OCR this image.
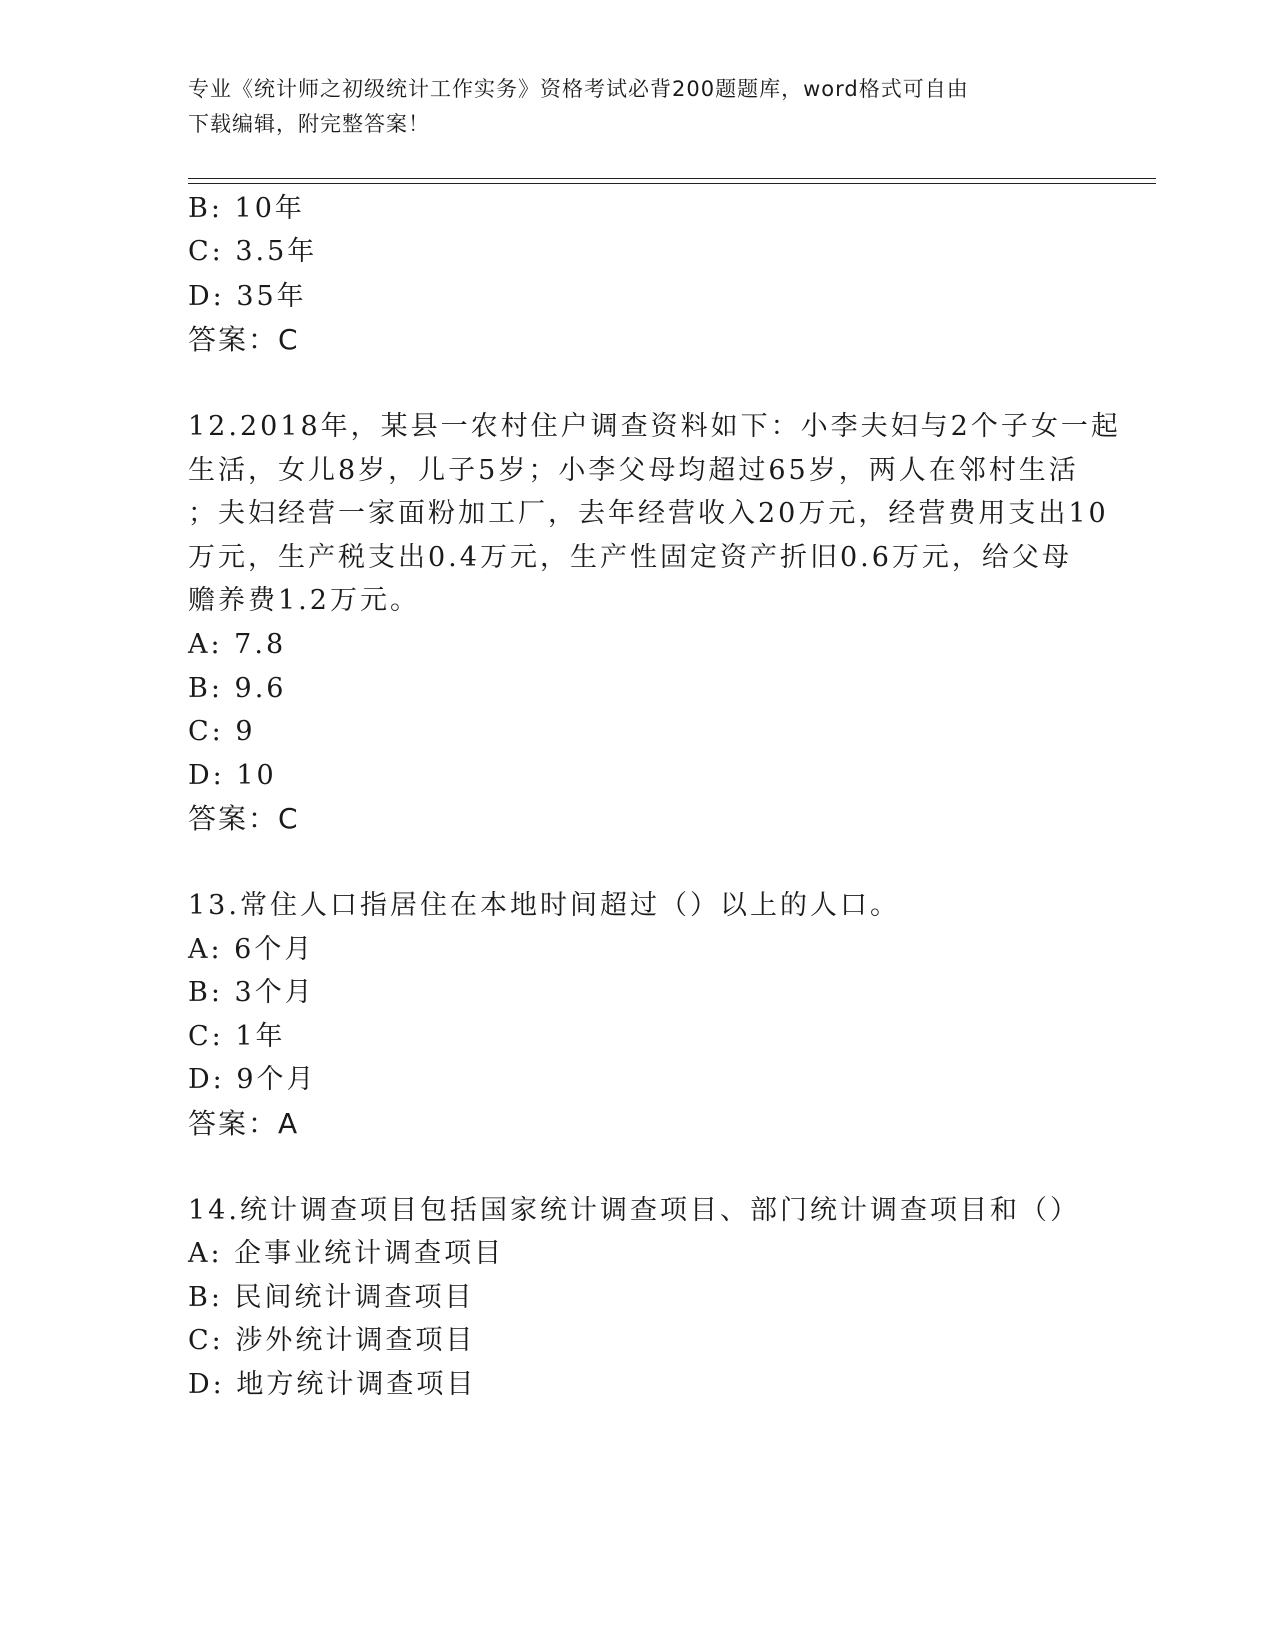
专业《统计师之初级统计工作实务》资格考试必背200题题库，word格式可自由
下载编辑，附完整答案！
B: 10年
C: 3.5年
D: 35年
答案：C
12.2018年，某县一农村住户调查资料如下：小李夫妇与2个子女一起
生活，女儿8岁，儿子5岁；小李父母均超过65岁，两人在邻村生活
；夫妇经营一家面粉加工厂，去年经营收入20万元，经营费用支出10
万元，生产税支出0.4万元，生产性固定资产折旧0.6万元，给父母
赡养费1.2万元。
A: 7.8
B: 9.6
C: 9
D: 10
答案：C
13.常住人口指居住在本地时间超过（）以上的人口。
A: 6个月
B: 3个月
C: 1年
D: 9个月
答案：A
14.统计调查项目包括国家统计调查项目、部门统计调查项目和（）
A: 企事业统计调查项目
B: 民间统计调查项目
C: 涉外统计调查项目
D: 地方统计调查项目
